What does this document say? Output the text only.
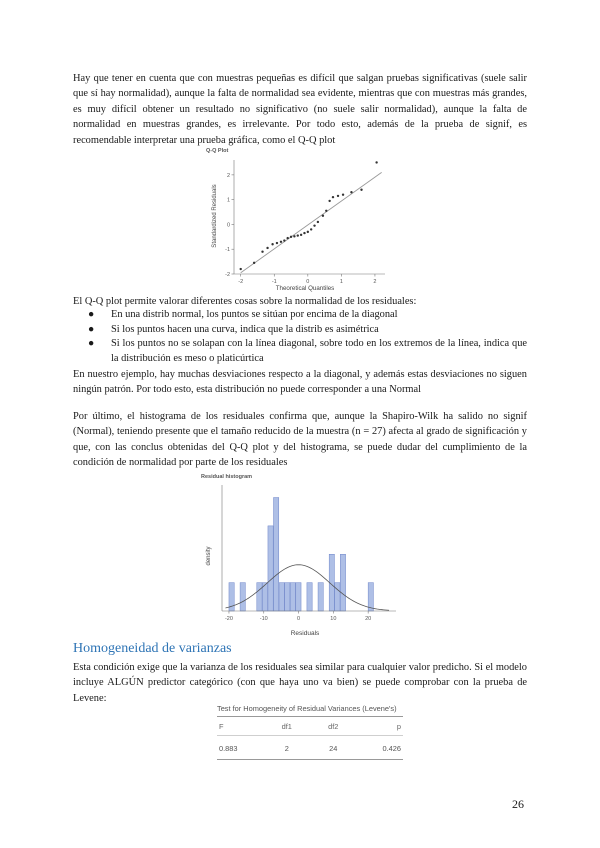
Hay que tener en cuenta que con muestras pequeñas es difícil que salgan pruebas significativas (suele salir que sí hay normalidad), aunque la falta de normalidad sea evidente, mientras que con muestras más grandes, es muy difícil obtener un resultado no significativo (no suele salir normalidad), aunque la falta de normalidad en muestras grandes, es irrelevante. Por todo esto, además de la prueba de signif, es recomendable interpretar una prueba gráfica, como el Q-Q plot

Q-Q Plot
-2	-1	0	1	2
-2
-1
0
1
2
Theoretical Quantiles
Standardized Residuals

El Q-Q plot permite valorar diferentes cosas sobre la normalidad de los residuales:

● En una distrib normal, los puntos se sitúan por encima de la diagonal
● Si los puntos hacen una curva, indica que la distrib es asimétrica
● Si los puntos no se solapan con la línea diagonal, sobre todo en los extremos de la línea, indica que la distribución es meso o platicúrtica

En nuestro ejemplo, hay muchas desviaciones respecto a la diagonal, y además estas desviaciones no siguen ningún patrón. Por todo esto, esta distribución no puede corresponder a una Normal

Por último, el histograma de los residuales confirma que, aunque la Shapiro-Wilk ha salido no signif (Normal), teniendo presente que el tamaño reducido de la muestra (n = 27) afecta al grado de significación y que, con las conclus obtenidas del Q-Q plot y del histograma, se puede dudar del cumplimiento de la condición de normalidad por parte de los residuales

Residual histogram
-20	-10	0	10	20
Residuals
density
Homogeneidad de varianzas

Esta condición exige que la varianza de los residuales sea similar para cualquier valor predicho. Si el modelo incluye ALGÚN predictor categórico (con que haya uno va bien) se puede comprobar con la prueba de Levene:

Test for Homogeneity of Residual Variances (Levene's)
F	df1	df2	p
0.883	2	24	0.426
26
